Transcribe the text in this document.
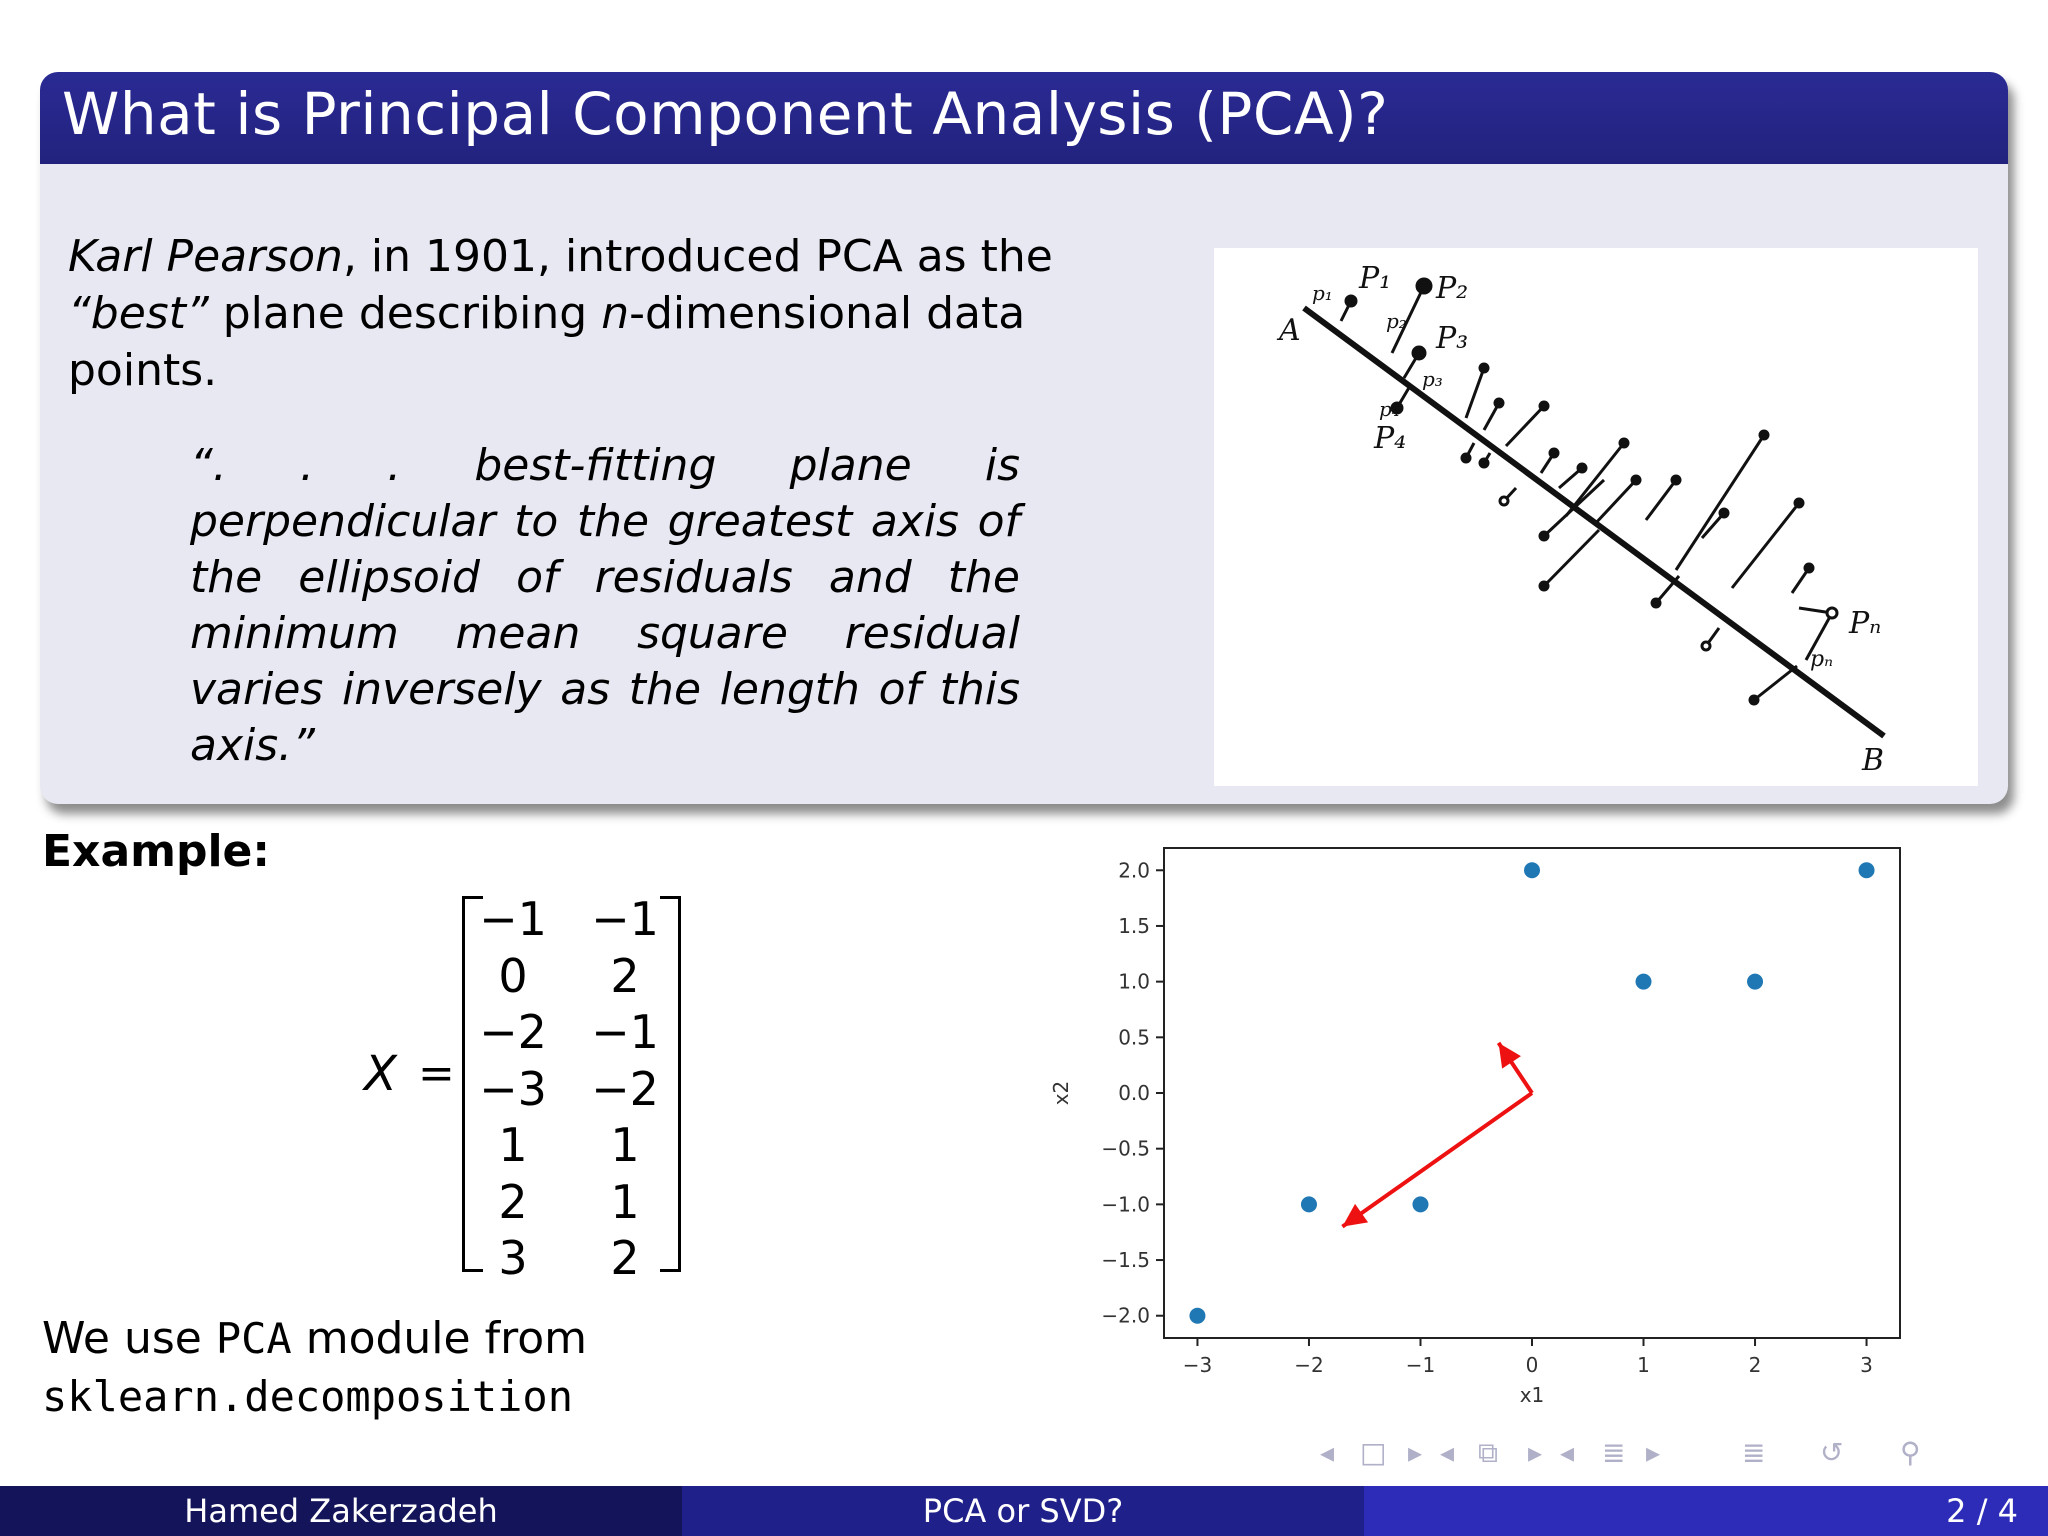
What is Principal Component Analysis (PCA)?
Karl Pearson, in 1901, introduced PCA as the
“best” plane describing n-dimensional data points.
“. . . best-fitting plane is perpendicular to the greatest axis of the ellipsoid of residuals and the minimum mean square residual varies inversely as the length of this axis.”
P₁ P₂
P₃
P₄
Pₙ
p₁
p₂
p₃
p₄
pₙ
A
B
Example:
X =
−1 −1
0	2
−2 −1
−3 −2
1	1
2	1
3	2
We use PCA module from
sklearn.decomposition
−3	−2	−1	0	1	2	3
2.0
1.5
1.0
0.5
0.0
−0.5
−1.0
−1.5
−2.0
x1
x2
◂ □ ▸ ◂ ⧉ ▸ ◂ ≣ ▸	≣ ↺ ⚲
Hamed Zakerzadeh	PCA or SVD?	2 / 4
